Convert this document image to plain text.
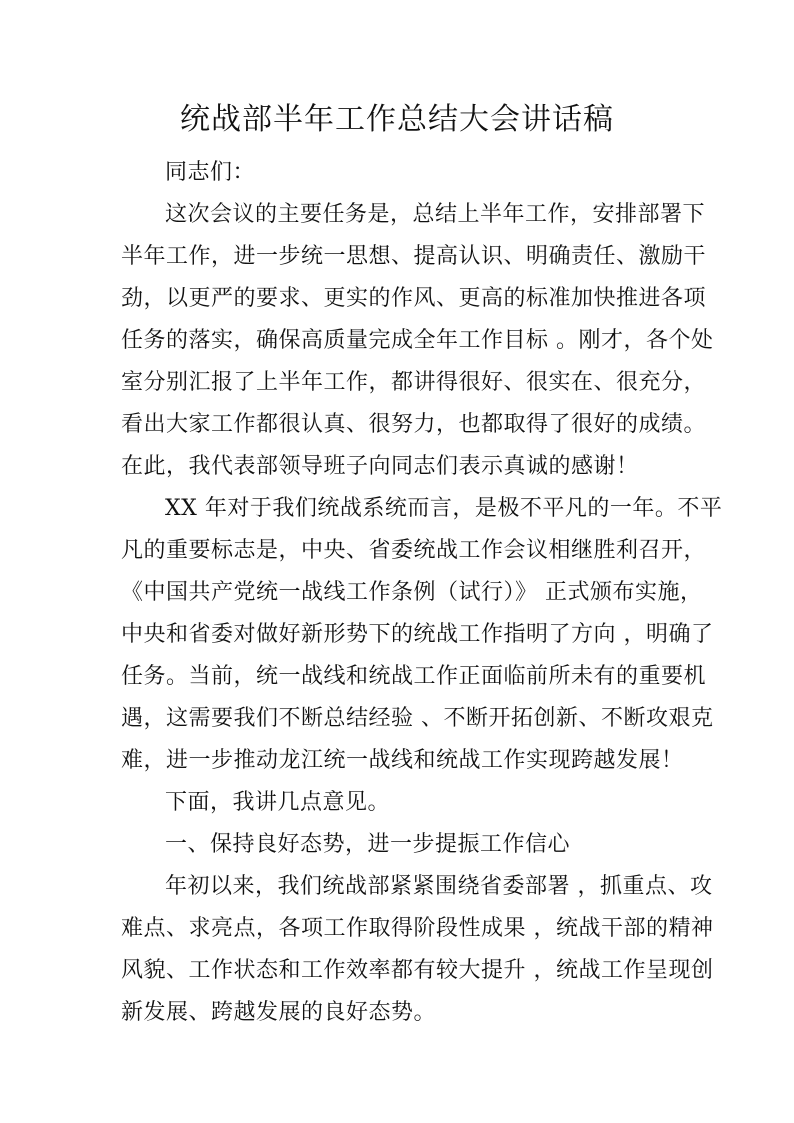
统战部半年工作总结大会讲话稿
同志们：
这次会议的主要任务是，总结上半年工作，安排部署下
半年工作，进一步统一思想、提高认识、明确责任、激励干
劲，以更严的要求、更实的作风、更高的标准加快推进各项
任务的落实，确保高质量完成全年工作目标 。刚才，各个处
室分别汇报了上半年工作，都讲得很好、很实在、很充分，
看出大家工作都很认真、很努力，也都取得了很好的成绩。
在此，我代表部领导班子向同志们表示真诚的感谢！
XX 年对于我们统战系统而言，是极不平凡的一年。不平
凡的重要标志是，中央、省委统战工作会议相继胜利召开，
《中国共产党统一战线工作条例（试行）》 正式颁布实施，
中央和省委对做好新形势下的统战工作指明了方向 ，明确了
任务。当前，统一战线和统战工作正面临前所未有的重要机
遇，这需要我们不断总结经验 、不断开拓创新、不断攻艰克
难，进一步推动龙江统一战线和统战工作实现跨越发展！
下面，我讲几点意见。
一、保持良好态势，进一步提振工作信心
年初以来，我们统战部紧紧围绕省委部署 ，抓重点、攻
难点、求亮点，各项工作取得阶段性成果 ，统战干部的精神
风貌、工作状态和工作效率都有较大提升 ，统战工作呈现创
新发展、跨越发展的良好态势。
